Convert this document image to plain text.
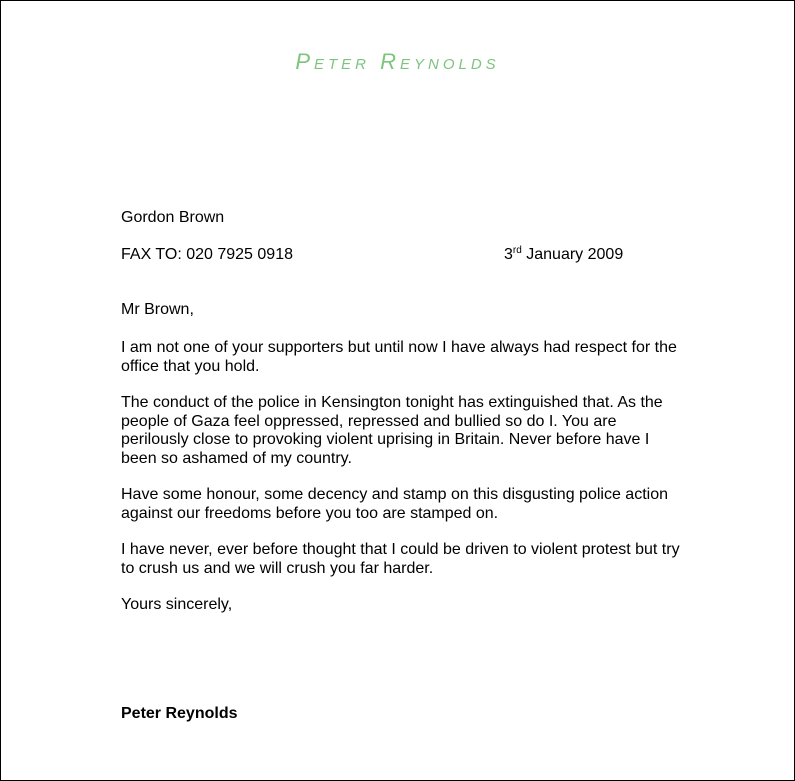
Peter Reynolds
Gordon Brown
FAX TO: 020 7925 0918	3rd January 2009
Mr Brown,
I am not one of your supporters but until now I have always had respect for the office that you hold.
The conduct of the police in Kensington tonight has extinguished that. As the people of Gaza feel oppressed, repressed and bullied so do I. You are perilously close to provoking violent uprising in Britain. Never before have I been so ashamed of my country.
Have some honour, some decency and stamp on this disgusting police action against our freedoms before you too are stamped on.
I have never, ever before thought that I could be driven to violent protest but try to crush us and we will crush you far harder.
Yours sincerely,
Peter Reynolds
